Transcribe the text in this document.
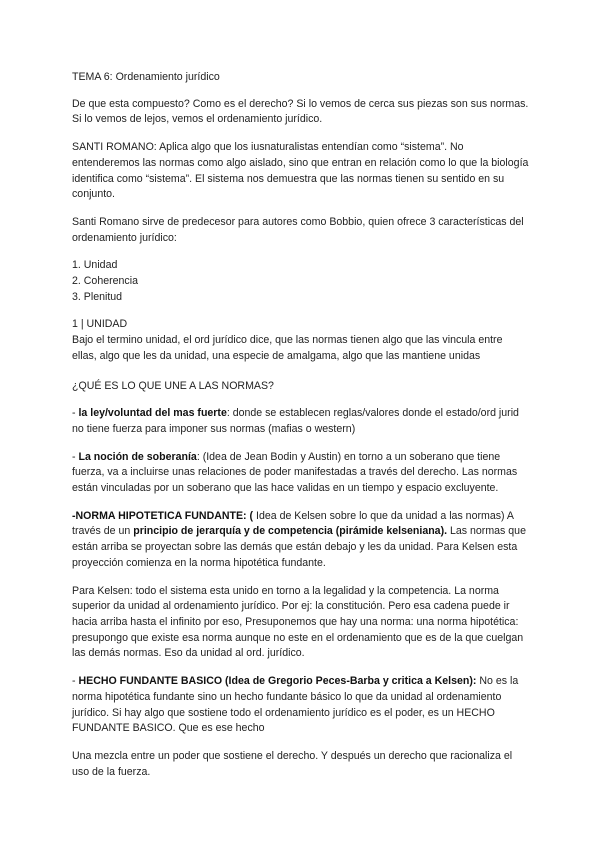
TEMA 6: Ordenamiento jurídico

De que esta compuesto? Como es el derecho? Si lo vemos de cerca sus piezas son sus normas. Si lo vemos de lejos, vemos el ordenamiento jurídico.

SANTI ROMANO: Aplica algo que los iusnaturalistas entendían como “sistema”. No entenderemos las normas como algo aislado, sino que entran en relación como lo que la biología identifica como “sistema”. El sistema nos demuestra que las normas tienen su sentido en su conjunto.

Santi Romano sirve de predecesor para autores como Bobbio, quien ofrece 3 características del ordenamiento jurídico:

1. Unidad
2. Coherencia
3. Plenitud

1 | UNIDAD

Bajo el termino unidad, el ord jurídico dice, que las normas tienen algo que las vincula entre ellas, algo que les da unidad, una especie de amalgama, algo que las mantiene unidas

¿QUÉ ES LO QUE UNE A LAS NORMAS?

- la ley/voluntad del mas fuerte: donde se establecen reglas/valores donde el estado/ord jurid no tiene fuerza para imponer sus normas (mafias o western)

- La noción de soberanía: (Idea de Jean Bodin y Austin) en torno a un soberano que tiene fuerza, va a incluirse unas relaciones de poder manifestadas a través del derecho. Las normas están vinculadas por un soberano que las hace validas en un tiempo y espacio excluyente.

-NORMA HIPOTETICA FUNDANTE: ( Idea de Kelsen sobre lo que da unidad a las normas) A través de un principio de jerarquía y de competencia (pirámide kelseniana). Las normas que están arriba se proyectan sobre las demás que están debajo y les da unidad. Para Kelsen esta proyección comienza en la norma hipotética fundante.

Para Kelsen: todo el sistema esta unido en torno a la legalidad y la competencia. La norma superior da unidad al ordenamiento jurídico. Por ej: la constitución. Pero esa cadena puede ir hacia arriba hasta el infinito por eso, Presuponemos que hay una norma: una norma hipotética: presupongo que existe esa norma aunque no este en el ordenamiento que es de la que cuelgan las demás normas. Eso da unidad al ord. jurídico.

- HECHO FUNDANTE BASICO (Idea de Gregorio Peces-Barba y critica a Kelsen): No es la norma hipotética fundante sino un hecho fundante básico lo que da unidad al ordenamiento jurídico. Si hay algo que sostiene todo el ordenamiento jurídico es el poder, es un HECHO FUNDANTE BASICO. Que es ese hecho

Una mezcla entre un poder que sostiene el derecho. Y después un derecho que racionaliza el uso de la fuerza.
